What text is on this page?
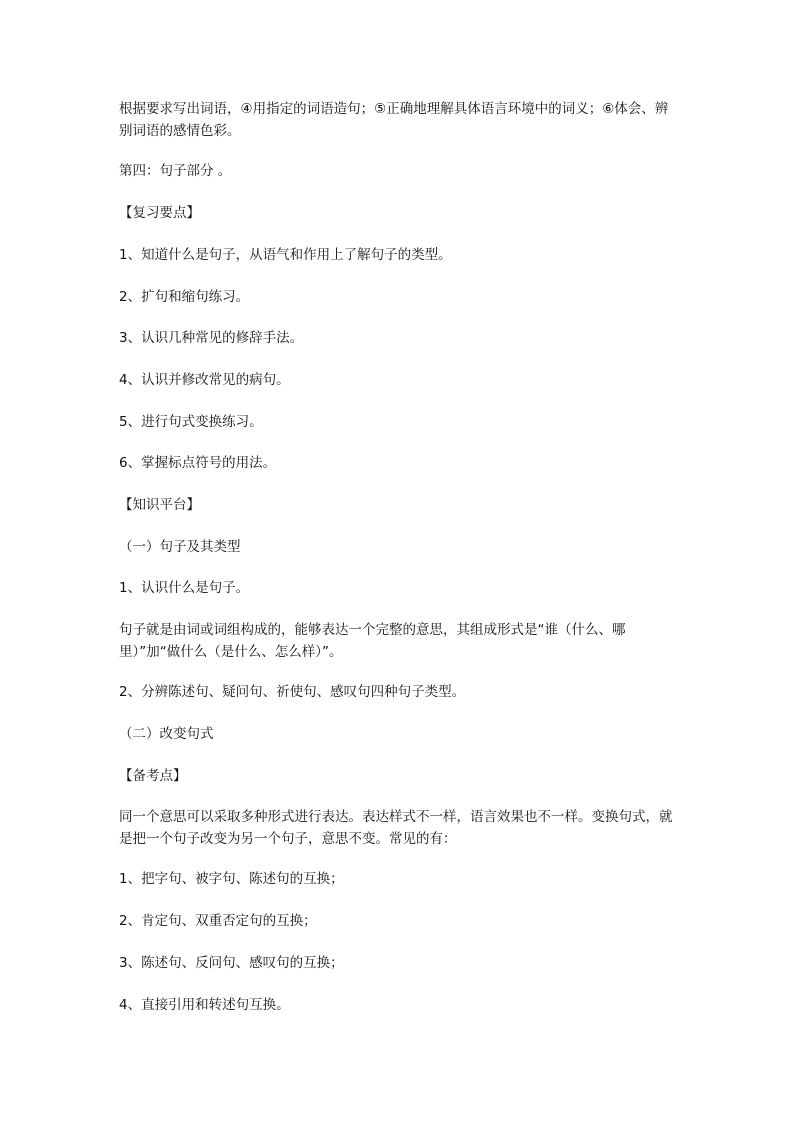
根据要求写出词语，④用指定的词语造句；⑤正确地理解具体语言环境中的词义；⑥体会、辨别词语的感情色彩。

第四：句子部分 。

【复习要点】

1、知道什么是句子，从语气和作用上了解句子的类型。

2、扩句和缩句练习。

3、认识几种常见的修辞手法。

4、认识并修改常见的病句。

5、进行句式变换练习。

6、掌握标点符号的用法。

【知识平台】

（一）句子及其类型

1、认识什么是句子。

句子就是由词或词组构成的，能够表达一个完整的意思，其组成形式是“谁（什么、哪里）”加“做什么（是什么、怎么样）”。

2、分辨陈述句、疑问句、祈使句、感叹句四种句子类型。

（二）改变句式

【备考点】

同一个意思可以采取多种形式进行表达。表达样式不一样，语言效果也不一样。变换句式，就是把一个句子改变为另一个句子，意思不变。常见的有：

1、把字句、被字句、陈述句的互换；

2、肯定句、双重否定句的互换；

3、陈述句、反问句、感叹句的互换；

4、直接引用和转述句互换。
